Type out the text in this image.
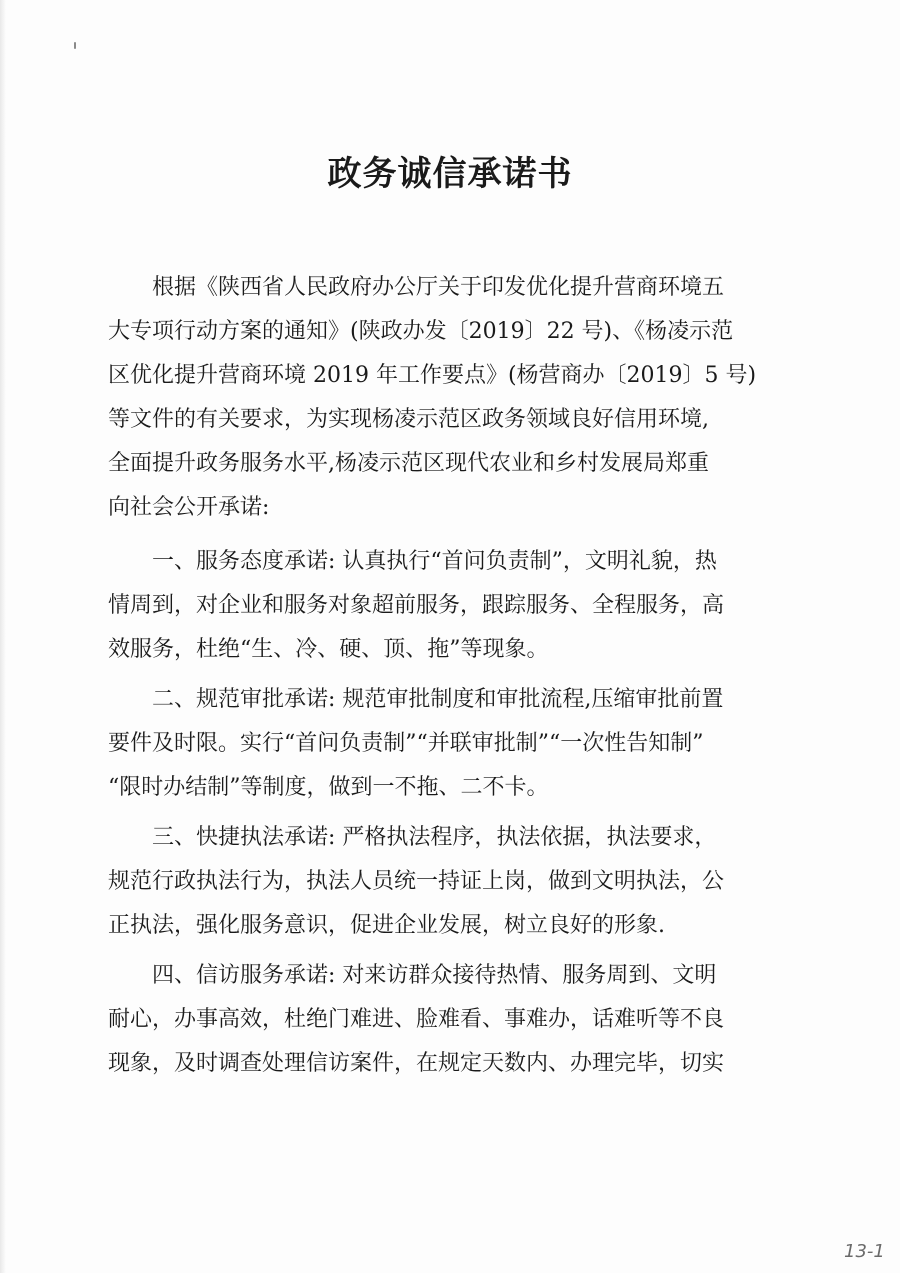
政务诚信承诺书

　　根据《陕西省人民政府办公厅关于印发优化提升营商环境五
大专项行动方案的通知》(陕政办发〔2019〕22 号)、《杨凌示范
区优化提升营商环境 2019 年工作要点》(杨营商办〔2019〕5 号)
等文件的有关要求，为实现杨凌示范区政务领域良好信用环境,
全面提升政务服务水平,杨凌示范区现代农业和乡村发展局郑重
向社会公开承诺:

　　一、服务态度承诺: 认真执行“首问负责制”，文明礼貌，热
情周到，对企业和服务对象超前服务，跟踪服务、全程服务，高
效服务，杜绝“生、冷、硬、顶、拖”等现象。

　　二、规范审批承诺: 规范审批制度和审批流程,压缩审批前置
要件及时限。实行“首问负责制”“并联审批制”“一次性告知制”
“限时办结制”等制度，做到一不拖、二不卡。

　　三、快捷执法承诺: 严格执法程序，执法依据，执法要求，
规范行政执法行为，执法人员统一持证上岗，做到文明执法，公
正执法，强化服务意识，促进企业发展，树立良好的形象.

　　四、信访服务承诺: 对来访群众接待热情、服务周到、文明
耐心，办事高效，杜绝门难进、脸难看、事难办，话难听等不良
现象，及时调查处理信访案件，在规定天数内、办理完毕，切实

13-1
